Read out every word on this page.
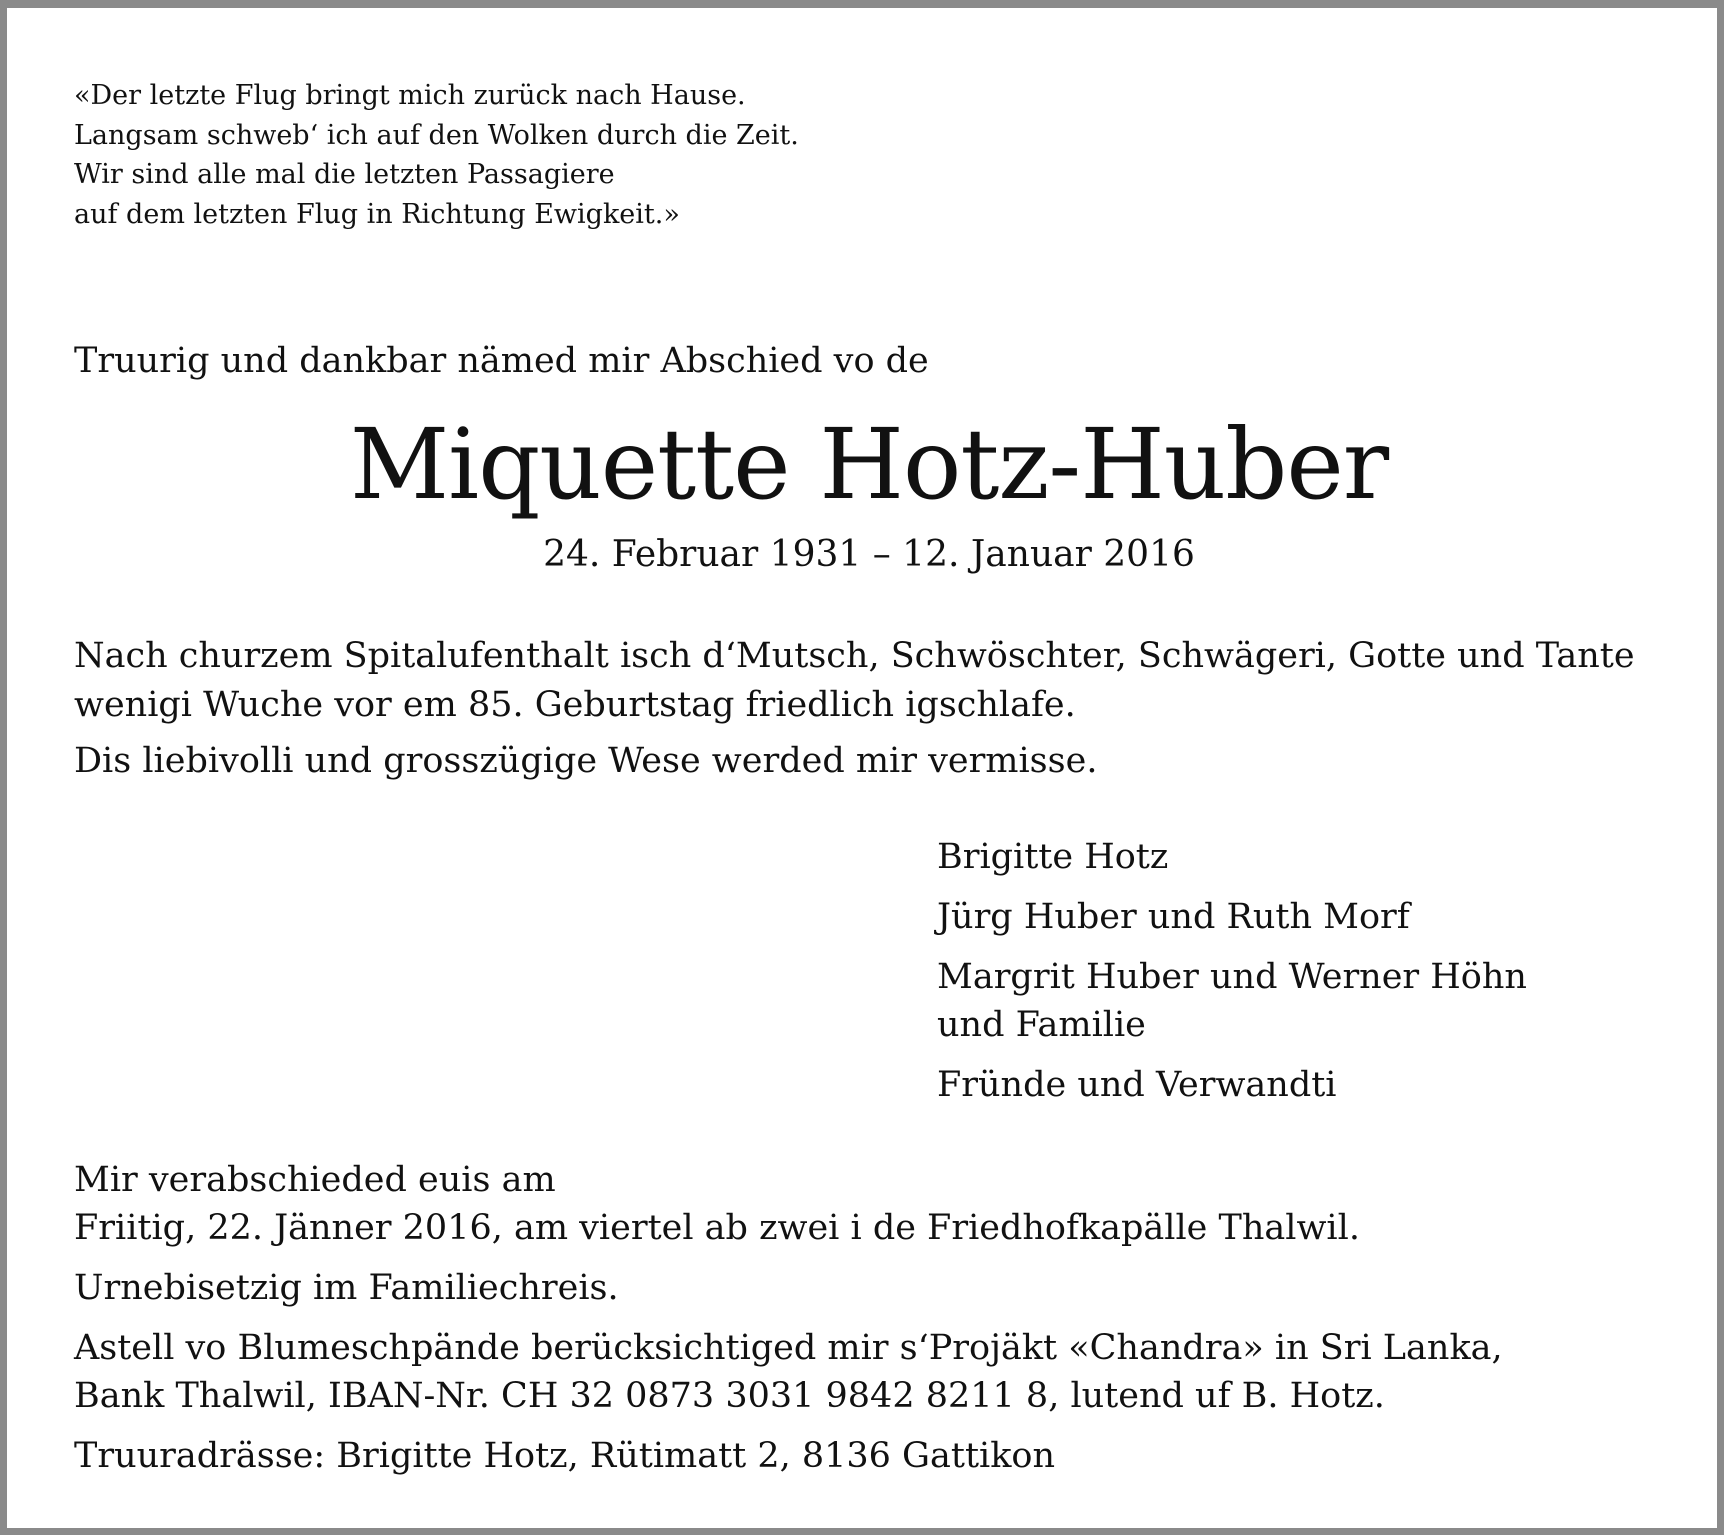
«Der letzte Flug bringt mich zurück nach Hause.
Langsam schweb‘ ich auf den Wolken durch die Zeit.
Wir sind alle mal die letzten Passagiere
auf dem letzten Flug in Richtung Ewigkeit.»
Truurig und dankbar nämed mir Abschied vo de
Miquette Hotz-Huber
24. Februar 1931 – 12. Januar 2016

Nach churzem Spitalufenthalt isch d‘Mutsch, Schwöschter, Schwägeri, Gotte und Tante

wenigi Wuche vor em 85. Geburtstag friedlich igschlafe.

Dis liebivolli und grosszügige Wese werded mir vermisse.

Brigitte Hotz
Jürg Huber und Ruth Morf
Margrit Huber und Werner Höhn
und Familie
Fründe und Verwandti

Mir verabschieded euis am
Friitig, 22. Jänner 2016, am viertel ab zwei i de Friedhofkapälle Thalwil.

Urnebisetzig im Familiechreis.

Astell vo Blumeschpände berücksichtiged mir s‘Projäkt «Chandra» in Sri Lanka,
Bank Thalwil, IBAN-Nr. CH 32 0873 3031 9842 8211 8, lutend uf B. Hotz.

Truuradrässe: Brigitte Hotz, Rütimatt 2, 8136 Gattikon
